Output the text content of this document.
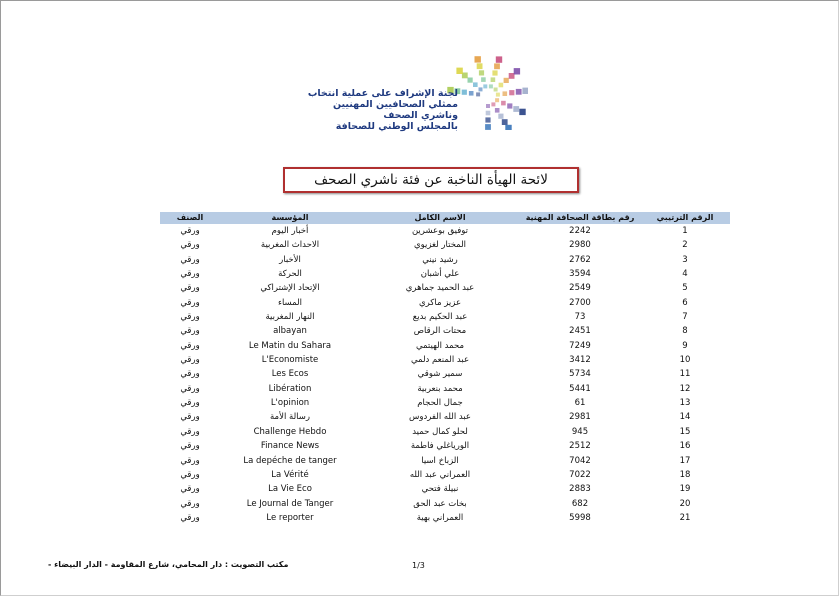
لجنة الإشراف على عملية انتخاب
ممثلي الصحافيين المهنيين
وناشري الصحف
بالمجلس الوطني للصحافة
لائحة الهيأة الناخبة عن فئة ناشري الصحف
الرقم الترتيبي
رقم بطاقة الصحافة المهنية
الاسم الكامل
المؤسسة
الصنف
1
2242
توفيق بوعشرين
أخبار اليوم
ورقي
2
2980
المختار لغزيوي
الاحداث المغربية
ورقي
3
2762
رشيد نيني
الأخبار
ورقي
4
3594
علي أشبان
الحركة
ورقي
5
2549
عبد الحميد جماهري
الإتحاد الإشتراكي
ورقي
6
2700
عزيز ماكري
المساء
ورقي
7
73
عبد الحكيم بديع
النهار المغربية
ورقي
8
2451
محتات الرقاص
albayan
ورقي
9
7249
محمد الهيتمي
Le Matin du Sahara
ورقي
10
3412
عبد المنعم دلمي
L'Economiste
ورقي
11
5734
سمير شوقي
Les Ecos
ورقي
12
5441
محمد بنعربية
Libération
ورقي
13
61
جمال الحجام
L'opinion
ورقي
14
2981
عبد الله الفردوس
رسالة الأمة
ورقي
15
945
لحلو كمال حميد
Challenge Hebdo
ورقي
16
2512
الورياغلي فاطمة
Finance News
ورقي
17
7042
الزباخ اسيا
La depéche de tanger
ورقي
18
7022
العمراني عبد الله
La Vérité
ورقي
19
2883
نبيلة فتحي
La Vie Eco
ورقي
20
682
بخات عبد الحق
Le Journal de Tanger
ورقي
21
5998
العمراني بهية
Le reporter
ورقي
مكتب التصويت : دار المحامي، شارع المقاومة - الدار البيضاء -	1/3
